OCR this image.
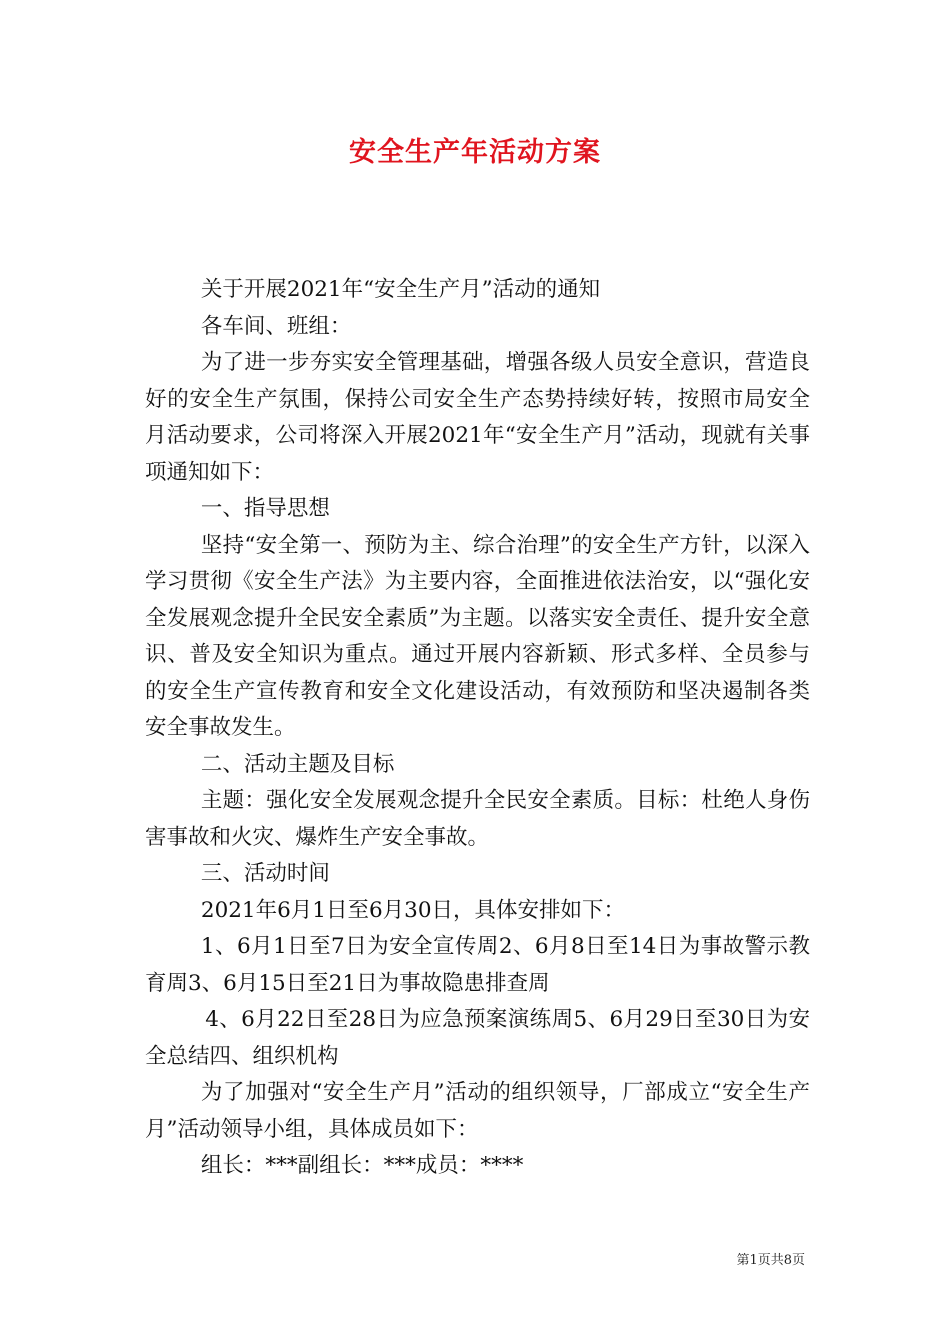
安全生产年活动方案

关于开展2021年“安全生产月”活动的通知

各车间、班组：

为了进一步夯实安全管理基础，增强各级人员安全意识，营造良好的安全生产氛围，保持公司安全生产态势持续好转，按照市局安全月活动要求，公司将深入开展2021年“安全生产月”活动，现就有关事项通知如下：

一、指导思想

坚持“安全第一、预防为主、综合治理”的安全生产方针，以深入学习贯彻《安全生产法》为主要内容，全面推进依法治安，以“强化安全发展观念提升全民安全素质”为主题。以落实安全责任、提升安全意识、普及安全知识为重点。通过开展内容新颖、形式多样、全员参与的安全生产宣传教育和安全文化建设活动，有效预防和坚决遏制各类安全事故发生。

二、活动主题及目标

主题：强化安全发展观念提升全民安全素质。目标：杜绝人身伤害事故和火灾、爆炸生产安全事故。

三、活动时间

2021年6月1日至6月30日，具体安排如下：

1、6月1日至7日为安全宣传周2、6月8日至14日为事故警示教育周3、6月15日至21日为事故隐患排查周

4、6月22日至28日为应急预案演练周5、6月29日至30日为安全总结四、组织机构

为了加强对“安全生产月”活动的组织领导，厂部成立“安全生产月”活动领导小组，具体成员如下：

组长：***副组长：***成员：****

第1页共8页
